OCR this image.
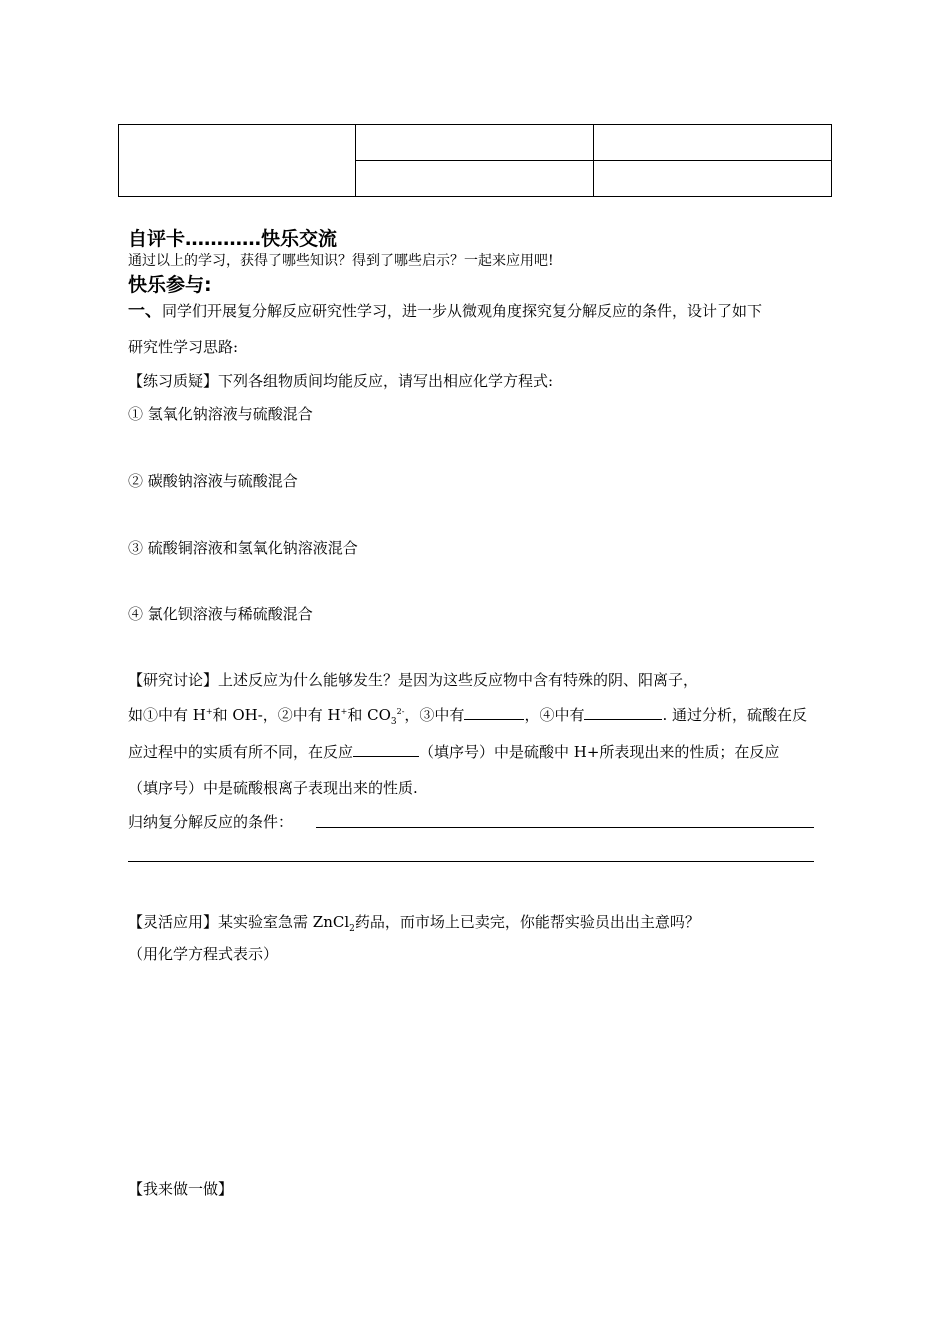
自评卡…………快乐交流
通过以上的学习，获得了哪些知识？得到了哪些启示？一起来应用吧!
快乐参与:
一、同学们开展复分解反应研究性学习，进一步从微观角度探究复分解反应的条件，设计了如下
研究性学习思路:
【练习质疑】下列各组物质间均能反应，请写出相应化学方程式:
① 氢氧化钠溶液与硫酸混合
② 碳酸钠溶液与硫酸混合
③ 硫酸铜溶液和氢氧化钠溶液混合
④ 氯化钡溶液与稀硫酸混合
【研究讨论】上述反应为什么能够发生？是因为这些反应物中含有特殊的阴、阳离子，
如①中有 H+和 OH-，②中有 H+和 $CO_3^{2-}$，③中有	，④中有	. 通过分析，硫酸在反
应过程中的实质有所不同，在反应	（填序号）中是硫酸中 H+所表现出来的性质；在反应
（填序号）中是硫酸根离子表现出来的性质.
归纳复分解反应的条件：
【灵活应用】某实验室急需 ZnCl$_2$药品，而市场上已卖完，你能帮实验员出出主意吗？
（用化学方程式表示）
【我来做一做】
